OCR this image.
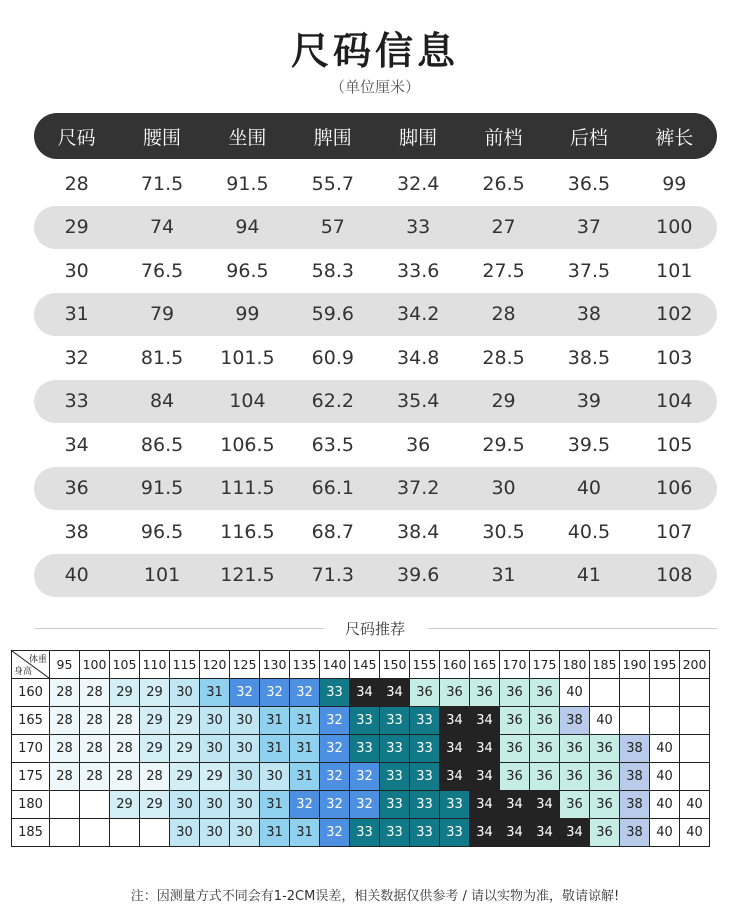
尺码信息
（单位厘米）
尺码	腰围	坐围	脾围	脚围	前档	后档	裤长
28	71.5	91.5	55.7	32.4	26.5	36.5	99
29	74	94	57	33	27	37	100
30	76.5	96.5	58.3	33.6	27.5	37.5	101
31	79	99	59.6	34.2	28	38	102
32	81.5	101.5	60.9	34.8	28.5	38.5	103
33	84	104	62.2	35.4	29	39	104
34	86.5	106.5	63.5	36	29.5	39.5	105
36	91.5	111.5	66.1	37.2	30	40	106
38	96.5	116.5	68.7	38.4	30.5	40.5	107
40	101	121.5	71.3	39.6	31	41	108
尺码推荐
体重
身高	95	100	105	110	115	120	125	130	135	140	145	150	155	160	165	170	175	180	185	190	195	200
160	28	28	29	29	30	31	32	32	32	33	34	34	36	36	36	36	36	40				
165	28	28	28	29	29	30	30	31	31	32	33	33	33	34	34	36	36	38	40			
170	28	28	28	29	29	30	30	31	31	32	33	33	33	34	34	36	36	36	36	38	40	
175	28	28	28	28	29	29	30	30	31	32	32	33	33	34	34	36	36	36	36	38	40	
180			29	29	30	30	30	31	32	32	32	33	33	33	34	34	34	36	36	38	40	40
185					30	30	30	31	31	32	33	33	33	33	34	34	34	34	36	38	40	40
注：因测量方式不同会有1-2CM误差，相关数据仅供参考 / 请以实物为准，敬请谅解!
